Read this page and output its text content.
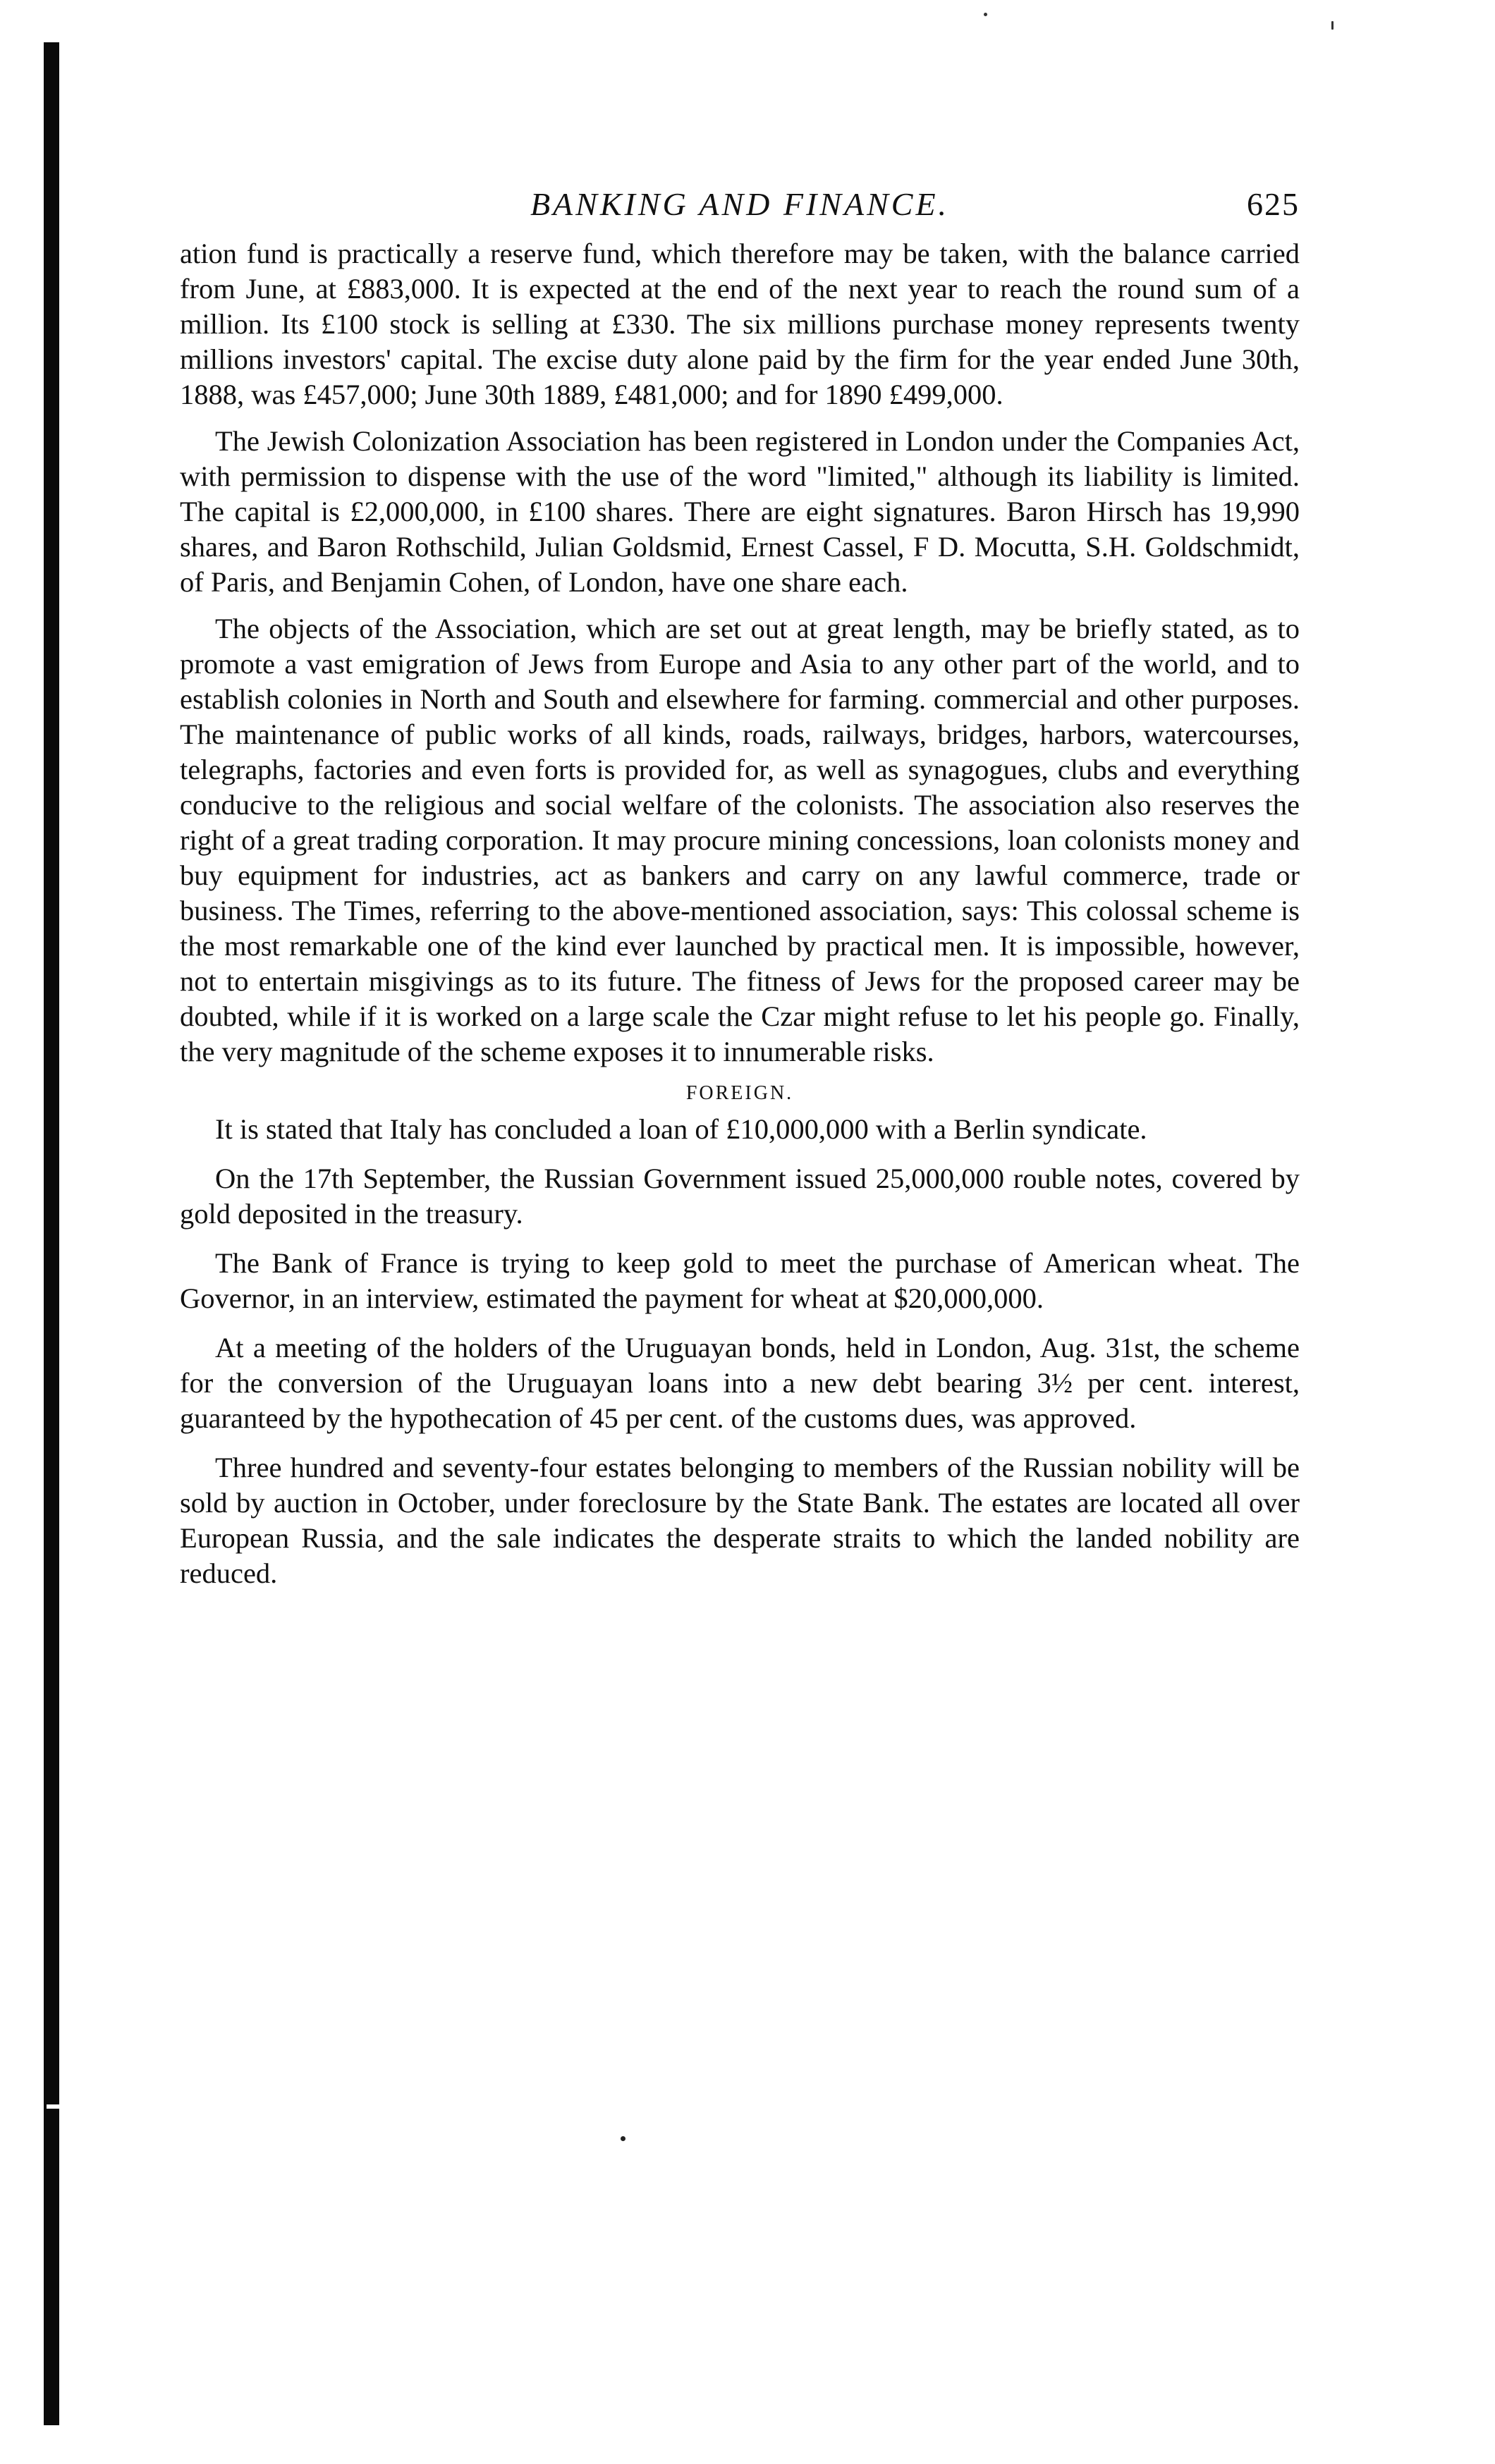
BANKING AND FINANCE.	625

ation fund is practically a reserve fund, which therefore may be taken, with the balance carried from June, at £883,000. It is expected at the end of the next year to reach the round sum of a million. Its £100 stock is selling at £330. The six millions purchase money represents twenty millions investors' capital. The excise duty alone paid by the firm for the year ended June 30th, 1888, was £457,000; June 30th 1889, £481,000; and for 1890 £499,000.

The Jewish Colonization Association has been registered in London under the Companies Act, with permission to dispense with the use of the word "limited," although its liability is limited. The capital is £2,000,000, in £100 shares. There are eight signatures. Baron Hirsch has 19,990 shares, and Baron Rothschild, Julian Goldsmid, Ernest Cassel, F D. Mocutta, S.H. Goldschmidt, of Paris, and Benjamin Cohen, of London, have one share each.

The objects of the Association, which are set out at great length, may be briefly stated, as to promote a vast emigration of Jews from Europe and Asia to any other part of the world, and to establish colonies in North and South and elsewhere for farming. commercial and other purposes. The maintenance of public works of all kinds, roads, railways, bridges, harbors, watercourses, telegraphs, factories and even forts is provided for, as well as synagogues, clubs and everything conducive to the religious and social welfare of the colonists. The association also reserves the right of a great trading corporation. It may procure mining concessions, loan colonists money and buy equipment for industries, act as bankers and carry on any lawful commerce, trade or business. The Times, referring to the above-mentioned association, says: This colossal scheme is the most remarkable one of the kind ever launched by practical men. It is impossible, however, not to entertain misgivings as to its future. The fitness of Jews for the proposed career may be doubted, while if it is worked on a large scale the Czar might refuse to let his people go. Finally, the very magnitude of the scheme exposes it to innumerable risks.

FOREIGN.

It is stated that Italy has concluded a loan of £10,000,000 with a Berlin syndicate.

On the 17th September, the Russian Government issued 25,000,000 rouble notes, covered by gold deposited in the treasury.

The Bank of France is trying to keep gold to meet the purchase of American wheat. The Governor, in an interview, estimated the payment for wheat at $20,000,000.

At a meeting of the holders of the Uruguayan bonds, held in London, Aug. 31st, the scheme for the conversion of the Uruguayan loans into a new debt bearing 3½ per cent. interest, guaranteed by the hypothecation of 45 per cent. of the customs dues, was approved.

Three hundred and seventy-four estates belonging to members of the Russian nobility will be sold by auction in October, under foreclosure by the State Bank. The estates are located all over European Russia, and the sale indicates the desperate straits to which the landed nobility are reduced.
